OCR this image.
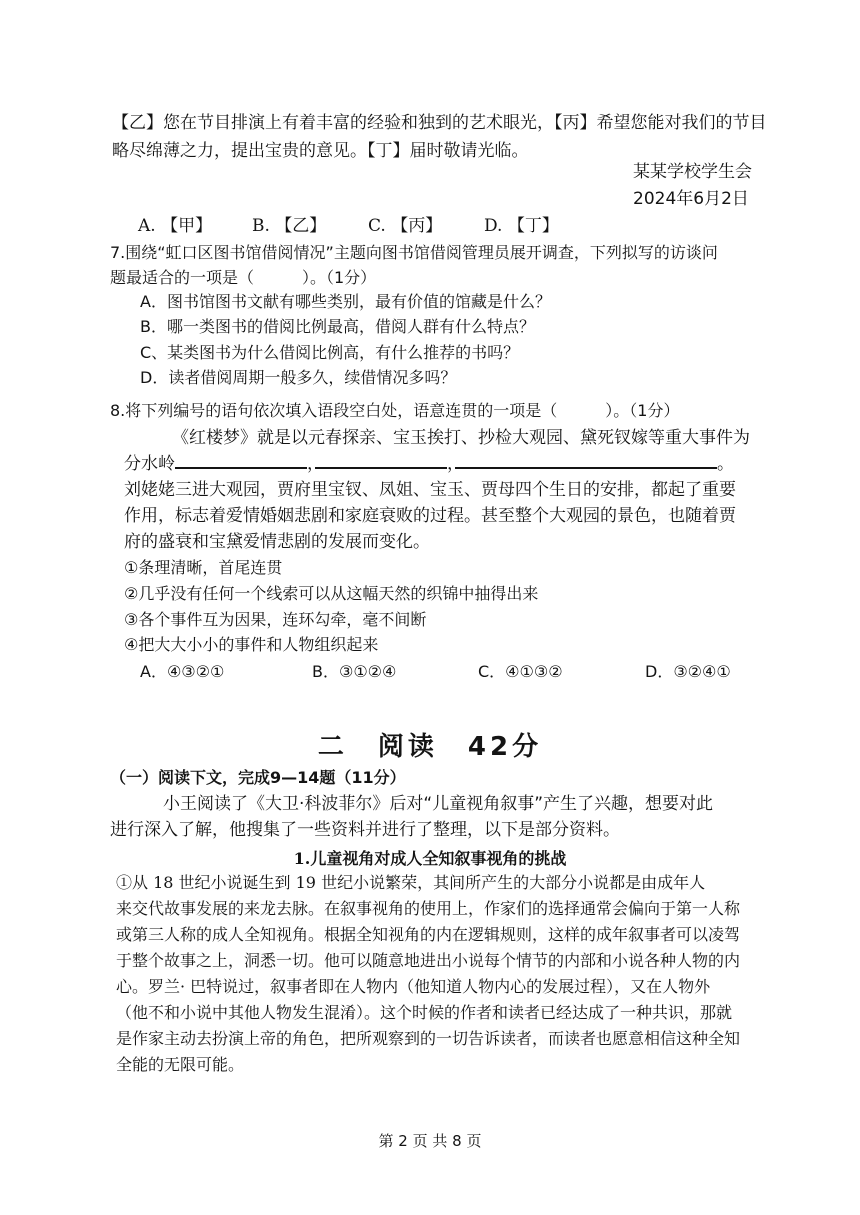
【乙】您在节目排演上有着丰富的经验和独到的艺术眼光，【丙】希望您能对我们的节目
略尽绵薄之力，提出宝贵的意见。【丁】届时敬请光临。
某某学校学生会
2024年6月2日
A. 【甲】 B. 【乙】 C. 【丙】 D. 【丁】
7.围绕“虹口区图书馆借阅情况”主题向图书馆借阅管理员展开调查，下列拟写的访谈问
题最适合的一项是（　　　）。（1分）
A．图书馆图书文献有哪些类别，最有价值的馆藏是什么？
B．哪一类图书的借阅比例最高，借阅人群有什么特点？
C、某类图书为什么借阅比例高，有什么推荐的书吗？
D．读者借阅周期一般多久，续借情况多吗？
8.将下列编号的语句依次填入语段空白处，语意连贯的一项是（　　　）。（1分）
《红楼梦》就是以元春探亲、宝玉挨打、抄检大观园、黛死钗嫁等重大事件为
分水岭	，	，	。
刘姥姥三进大观园，贾府里宝钗、凤姐、宝玉、贾母四个生日的安排，都起了重要
作用，标志着爱情婚姻悲剧和家庭衰败的过程。甚至整个大观园的景色，也随着贾
府的盛衰和宝黛爱情悲剧的发展而变化。
①条理清晰，首尾连贯
②几乎没有任何一个线索可以从这幅天然的织锦中抽得出来
③各个事件互为因果，连环勾牵，毫不间断
④把大大小小的事件和人物组织起来
A．④③②①	B．③①②④	C．④①③②	D．③②④①
二　阅读　42分
（一）阅读下文，完成9—14题（11分）
小王阅读了《大卫·科波菲尔》后对“儿童视角叙事”产生了兴趣，想要对此
进行深入了解，他搜集了一些资料并进行了整理，以下是部分资料。
1.儿童视角对成人全知叙事视角的挑战
①从 18 世纪小说诞生到 19 世纪小说繁荣，其间所产生的大部分小说都是由成年人
来交代故事发展的来龙去脉。在叙事视角的使用上，作家们的选择通常会偏向于第一人称
或第三人称的成人全知视角。根据全知视角的内在逻辑规则，这样的成年叙事者可以凌驾
于整个故事之上，洞悉一切。他可以随意地进出小说每个情节的内部和小说各种人物的内
心。罗兰· 巴特说过，叙事者即在人物内（他知道人物内心的发展过程），又在人物外
（他不和小说中其他人物发生混淆）。这个时候的作者和读者已经达成了一种共识，那就
是作家主动去扮演上帝的角色，把所观察到的一切告诉读者，而读者也愿意相信这种全知
全能的无限可能。
第 2 页 共 8 页
